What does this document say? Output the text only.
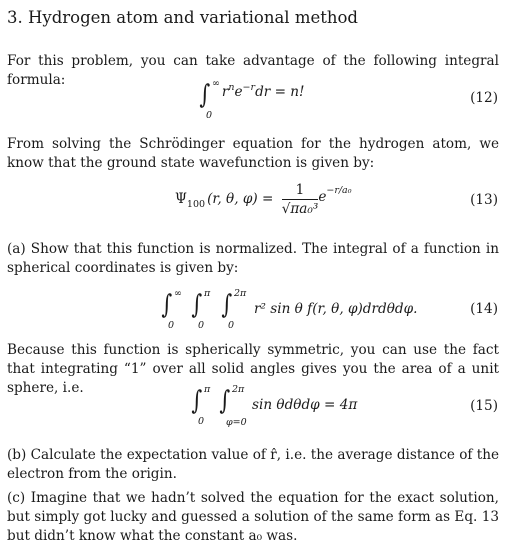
3. Hydrogen atom and variational method
For this problem, you can take advantage of the following integral formula:	∫ ∞
0
$r^ne^{-r}dr = n$!	(12)
From solving the Schrödinger equation for the hydrogen atom, we know that the ground state wavefunction is given by:
$\Psi_{100}$ (r, θ, $\varphi) = \frac{1}{\text{√πa₀³}} e^{-r/a_0}$
(13)
(a) Show that this function is normalized. The integral of a function in spherical coordinates is given by:
∫ ∞
0
∫ π
0
∫ 2π
0
r² sin θ f(r, θ, φ)drdθdφ.	(14)
Because this function is spherically symmetric, you can use the fact that integrating “1” over all solid angles gives you the area of a unit sphere, i.e.	∫ π
0
∫ 2π
φ=0
sin θdθdφ = 4π	(15)
(b) Calculate the expectation value of r̂, i.e. the average distance of the electron from the origin.
(c) Imagine that we hadn’t solved the equation for the exact solution, but simply got lucky and guessed a solution of the same form as Eq. 13 but didn’t know what the constant a₀ was.
